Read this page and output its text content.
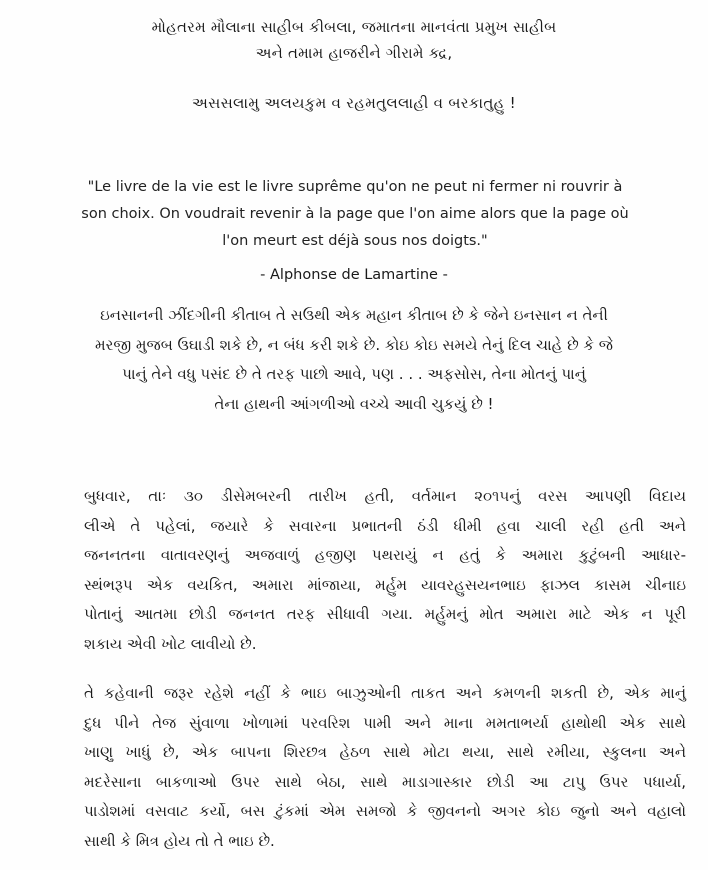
મોહતરમ મૌલાના સાહીબ કીબલા, જમાતના માનવંતા પ્રમુખ સાહીબ
અને તમામ હાજરીને ગીરામે ક્દ્ર,
અસસલામુ અલયકુમ વ રહમતુલલાહી વ બરકાતુહુ !
"Le livre de la vie est le livre suprême qu'on ne peut ni fermer ni rouvrir à
son choix. On voudrait revenir à la page que l'on aime alors que la page où
l'on meurt est déjà sous nos doigts."
- Alphonse de Lamartine -
ઇનસાનની ઝીંદગીની કીતાબ તે સઉથી એક મહાન કીતાબ છે કે જેને ઇનસાન ન તેની
મરજી મુજબ ઉઘાડી શકે છે, ન બંધ કરી શકે છે. કોઇ કોઇ સમયે તેનું દિલ ચાહે છે કે જે
પાનું તેને વધુ પસંદ છે તે તરફ પાછો આવે, પણ . . . અફસોસ, તેના મોતનું પાનું
તેના હાથની આંગળીઓ વચ્ચે આવી ચુકયું છે !
બુધવાર, તાઃ ૩૦ ડીસેમબરની તારીખ હતી, વર્તમાન ૨૦૧૫નું વરસ આપણી વિદાય
લીએ તે પહેલાં, જયારે કે સવારના પ્રભાતની ઠંડી ધીમી હવા ચાલી રહી હતી અને
જનનતના વાતાવરણનું અજવાળું હજીણ પથરાયું ન હતું કે અમારા કુટુંબની આધાર-
સ્થંભરૂપ એક વયકિત, અમારા માંજાયા, મર્હુમ યાવરહુસયનભાઇ ફાઝલ કાસમ ચીનાઇ
પોતાનું આતમા છોડી જનનત તરફ સીધાવી ગયા. મર્હુમનું મોત અમારા માટે એક ન પૂરી
શકાય એવી ખોટ લાવીયો છે.
તે કહેવાની જરૂર રહેશે નહીં કે ભાઇ બાઝુઓની તાકત અને કમળની શકતી છે, એક માનું
દુધ પીને તેજ સુંવાળા ખોળામાં પરવરિશ પામી અને માના મમતાભર્યા હાથોથી એક સાથે
ખાણુ ખાધું છે, એક બાપના શિરછત્ર હેઠળ સાથે મોટા થયા, સાથે રમીયા, સ્કુલના અને
મદરેસાના બાકળાઓ ઉપર સાથે બેઠા, સાથે માડાગાસ્કાર છોડી આ ટાપુ ઉપર પધાર્યા,
પાડોશમાં વસવાટ કર્યો, બસ ટુંકમાં એમ સમજો કે જીવનનો અગર કોઇ જુનો અને વહાલો
સાથી કે મિત્ર હોય તો તે ભાઇ છે.
